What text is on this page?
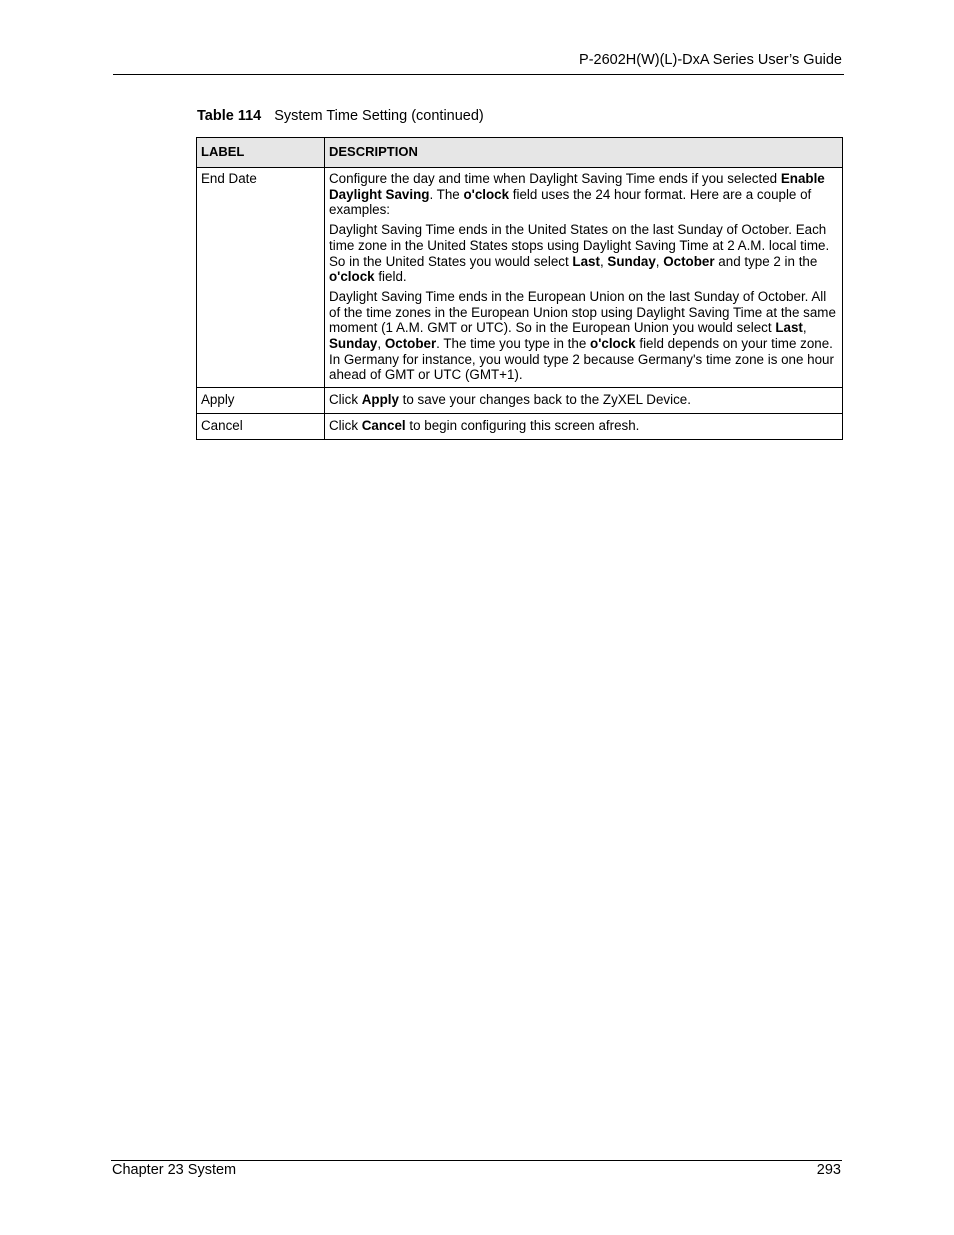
P-2602H(W)(L)-DxA Series User’s Guide
Table 114 System Time Setting (continued)
LABEL	DESCRIPTION
End Date	Configure the day and time when Daylight Saving Time ends if you selected Enable Daylight Saving. The o'clock field uses the 24 hour format. Here are a couple of examples:

Daylight Saving Time ends in the United States on the last Sunday of October. Each time zone in the United States stops using Daylight Saving Time at 2 A.M. local time. So in the United States you would select Last, Sunday, October and type 2 in the o'clock field.

Daylight Saving Time ends in the European Union on the last Sunday of October. All of the time zones in the European Union stop using Daylight Saving Time at the same moment (1 A.M. GMT or UTC). So in the European Union you would select Last, Sunday, October. The time you type in the o'clock field depends on your time zone. In Germany for instance, you would type 2 because Germany's time zone is one hour ahead of GMT or UTC (GMT+1).

Apply	Click Apply to save your changes back to the ZyXEL Device.
Cancel	Click Cancel to begin configuring this screen afresh.
Chapter 23 System	293
